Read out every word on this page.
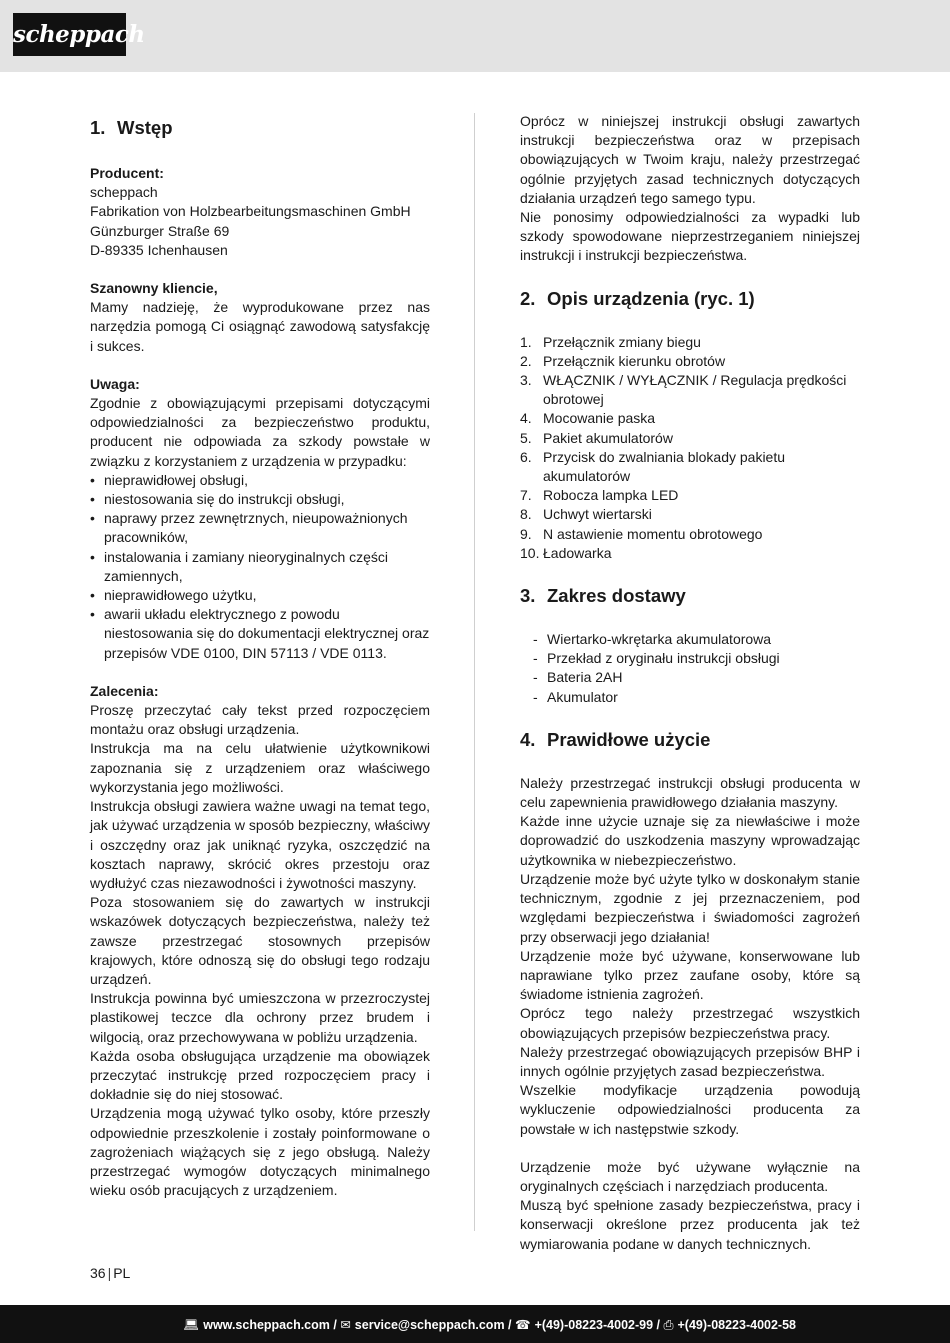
scheppach
1. Wstęp
Producent:
scheppach
Fabrikation von Holzbearbeitungsmaschinen GmbH
Günzburger Straße 69
D-89335 Ichenhausen
Szanowny kliencie,

Mamy nadzieję, że wyprodukowane przez nas narzędzia pomogą Ci osiągnąć zawodową satysfakcję i sukces.

Uwaga:

Zgodnie z obowiązującymi przepisami dotyczącymi odpowiedzialności za bezpieczeństwo produktu, producent nie odpowiada za szkody powstałe w związku z korzystaniem z urządzenia w przypadku:

• nieprawidłowej obsługi,
• niestosowania się do instrukcji obsługi,
• naprawy przez zewnętrznych, nieupoważnionych pracowników,
• instalowania i zamiany nieoryginalnych części zamiennych,
• nieprawidłowego użytku,
• awarii układu elektrycznego z powodu niestosowania się do dokumentacji elektrycznej oraz przepisów VDE 0100, DIN 57113 / VDE 0113.
Zalecenia:

Proszę przeczytać cały tekst przed rozpoczęciem montażu oraz obsługi urządzenia.

Instrukcja ma na celu ułatwienie użytkownikowi zapoznania się z urządzeniem oraz właściwego wykorzystania jego możliwości.

Instrukcja obsługi zawiera ważne uwagi na temat tego, jak używać urządzenia w sposób bezpieczny, właściwy i oszczędny oraz jak uniknąć ryzyka, oszczędzić na kosztach naprawy, skrócić okres przestoju oraz wydłużyć czas niezawodności i żywotności maszyny.

Poza stosowaniem się do zawartych w instrukcji wskazówek dotyczących bezpieczeństwa, należy też zawsze przestrzegać stosownych przepisów krajowych, które odnoszą się do obsługi tego rodzaju urządzeń.

Instrukcja powinna być umieszczona w przezroczystej plastikowej teczce dla ochrony przez brudem i wilgocią, oraz przechowywana w pobliżu urządzenia.

Każda osoba obsługująca urządzenie ma obowiązek przeczytać instrukcję przed rozpoczęciem pracy i dokładnie się do niej stosować.

Urządzenia mogą używać tylko osoby, które przeszły odpowiednie przeszkolenie i zostały poinformowane o zagrożeniach wiążących się z jego obsługą. Należy przestrzegać wymogów dotyczących minimalnego wieku osób pracujących z urządzeniem.

Oprócz w niniejszej instrukcji obsługi zawartych instrukcji bezpieczeństwa oraz w przepisach obowiązujących w Twoim kraju, należy przestrzegać ogólnie przyjętych zasad technicznych dotyczących działania urządzeń tego samego typu.

Nie ponosimy odpowiedzialności za wypadki lub szkody spowodowane nieprzestrzeganiem niniejszej instrukcji i instrukcji bezpieczeństwa.

2. Opis urządzenia (ryc. 1)
1. Przełącznik zmiany biegu
2. Przełącznik kierunku obrotów
3. WŁĄCZNIK / WYŁĄCZNIK / Regulacja prędkości obrotowej
4. Mocowanie paska
5. Pakiet akumulatorów
6. Przycisk do zwalniania blokady pakietu akumulatorów
7. Robocza lampka LED
8. Uchwyt wiertarski
9. N astawienie momentu obrotowego
10. Ładowarka
3. Zakres dostawy
- Wiertarko-wkrętarka akumulatorowa
- Przekład z oryginału instrukcji obsługi
- Bateria 2AH
- Akumulator
4. Prawidłowe użycie

Należy przestrzegać instrukcji obsługi producenta w celu zapewnienia prawidłowego działania maszyny.

Każde inne użycie uznaje się za niewłaściwe i może doprowadzić do uszkodzenia maszyny wprowadzając użytkownika w niebezpieczeństwo.

Urządzenie może być użyte tylko w doskonałym stanie technicznym, zgodnie z jej przeznaczeniem, pod względami bezpieczeństwa i świadomości zagrożeń przy obserwacji jego działania!

Urządzenie może być używane, konserwowane lub naprawiane tylko przez zaufane osoby, które są świadome istnienia zagrożeń.

Oprócz tego należy przestrzegać wszystkich obowiązujących przepisów bezpieczeństwa pracy.

Należy przestrzegać obowiązujących przepisów BHP i innych ogólnie przyjętych zasad bezpieczeństwa.

Wszelkie modyfikacje urządzenia powodują wykluczenie odpowiedzialności producenta za powstałe w ich następstwie szkody.

Urządzenie może być używane wyłącznie na oryginalnych częściach i narzędziach producenta.

Muszą być spełnione zasady bezpieczeństwa, pracy i konserwacji określone przez producenta jak też wymiarowania podane w danych technicznych.

36 | PL
💻︎ www.scheppach.com / ✉︎ service@scheppach.com / ☎︎ +(49)-08223-4002-99 / ⎙ +(49)-08223-4002-58
